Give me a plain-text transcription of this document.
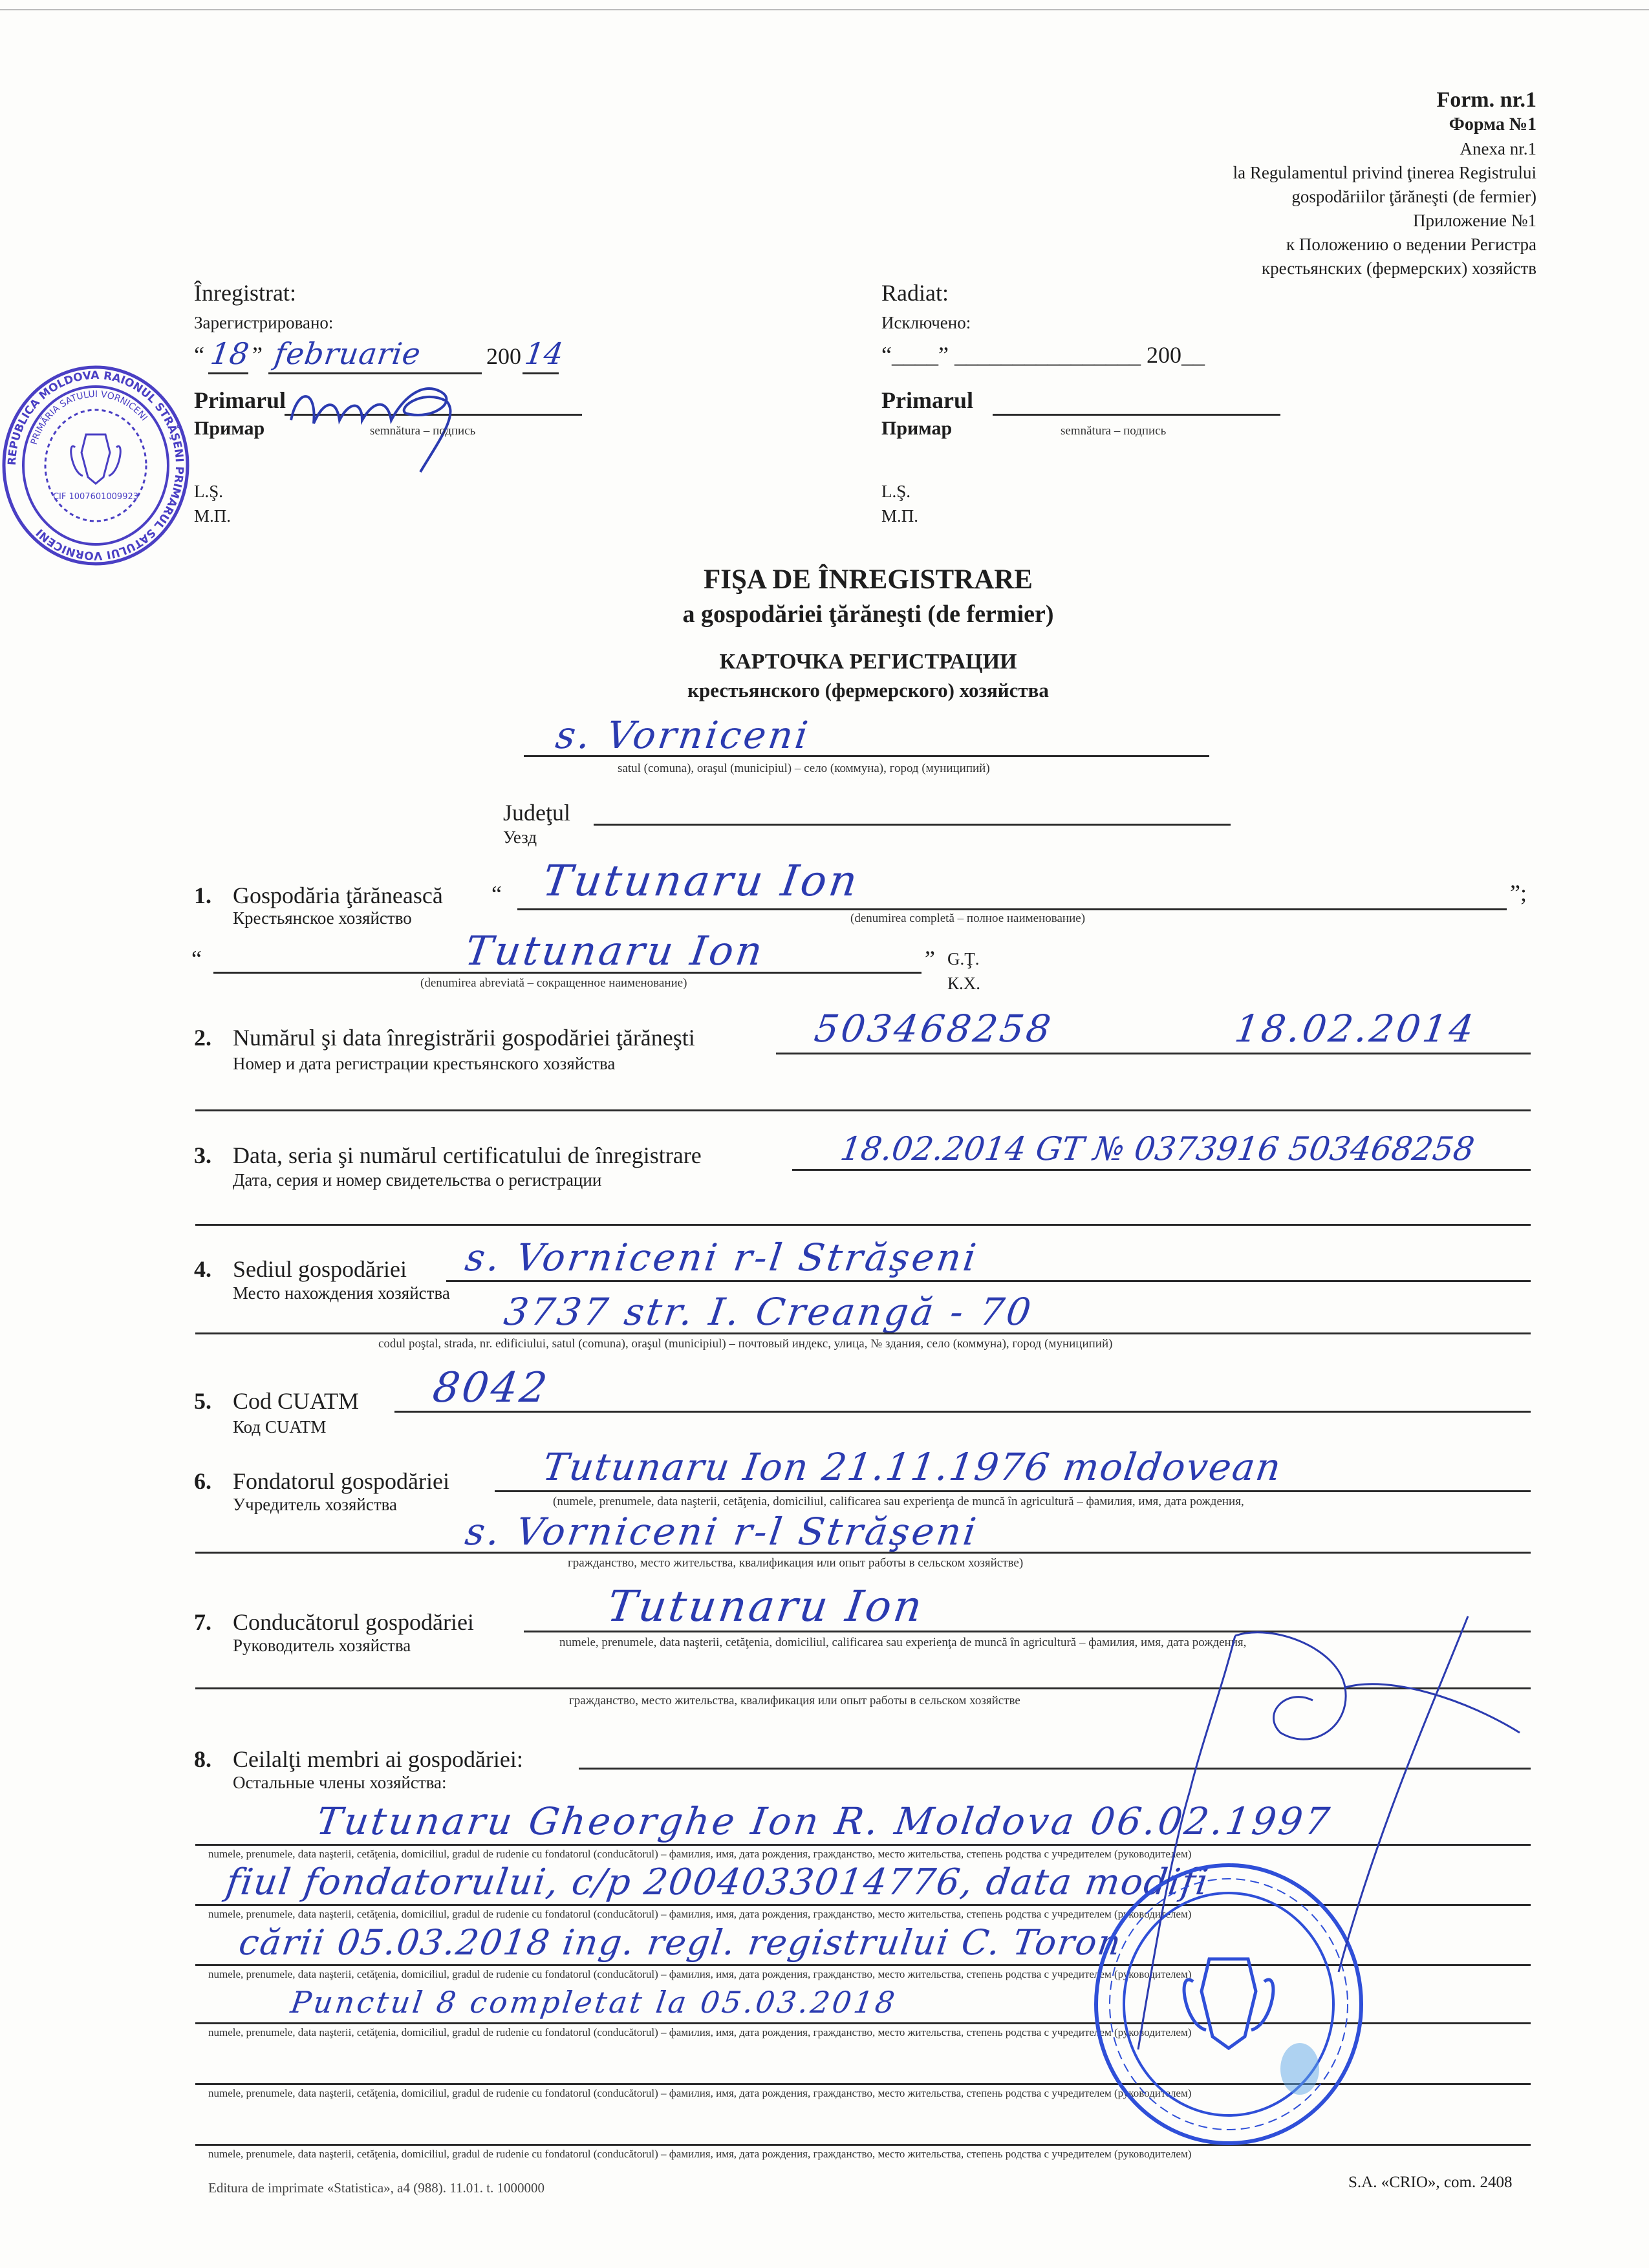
Form. nr.1
Форма №1
Anexa nr.1
la Regulamentul privind ţinerea Registrului
gospodăriilor ţărăneşti (de fermier)
Приложение №1
к Положению о ведении Регистра
крестьянских (фермерских) хозяйств
Înregistrat:
Зарегистрировано:
“ 18 ” februarie	200 14
Primarul
Примар	semnătura – подпись
L.Ş.
М.П.
Radiat:
Исключено:
“____” ________________ 200__
Primarul
Примар	semnătura – подпись
L.Ş.
М.П.
REPUBLICA MOLDOVA RAIONUL STRĂŞENI PRIMARUL SATULUI VORNICENI
PRIMĂRIA SATULUI VORNICENI
CIF 1007601009923
FIŞA DE ÎNREGISTRARE
a gospodăriei ţărăneşti (de fermier)
КАРТОЧКА РЕГИСТРАЦИИ
крестьянского (фермерского) хозяйства
s. Vorniceni
satul (comuna), oraşul (municipiul) – село (коммуна), город (муниципий)
Judeţul
Уезд
1. Gospodăria ţărănească “
Крестьянское хозяйство
Tutunaru Ion	”;
(denumirea completă – полное наименование)
“	Tutunaru Ion	” G.Ţ.
К.Х.
(denumirea abreviată – сокращенное наименование)
2. Numărul şi data înregistrării gospodăriei ţărăneşti
Номер и дата регистрации крестьянского хозяйства
503468258	18.02.2014
3. Data, seria şi numărul certificatului de înregistrare
Дата, серия и номер свидетельства о регистрации
18.02.2014 GT № 0373916 503468258
4. Sediul gospodăriei
Место нахождения хозяйства
s. Vorniceni r-l Străşeni
3737 str. I. Creangă - 70
codul poştal, strada, nr. edificiului, satul (comuna), oraşul (municipiul) – почтовый индекс, улица, № здания, село (коммуна), город (муниципий)
5. Cod CUATM
Код CUATM
8042
6. Fondatorul gospodăriei
Учредитель хозяйства
Tutunaru Ion 21.11.1976 moldovean
(numele, prenumele, data naşterii, cetăţenia, domiciliul, calificarea sau experienţa de muncă în agricultură – фамилия, имя, дата рождения,
s. Vorniceni r-l Străşeni
гражданство, место жительства, квалификация или опыт работы в сельском хозяйстве)
7. Conducătorul gospodăriei
Руководитель хозяйства
Tutunaru Ion
numele, prenumele, data naşterii, cetăţenia, domiciliul, calificarea sau experienţa de muncă în agricultură – фамилия, имя, дата рождения,
гражданство, место жительства, квалификация или опыт работы в сельском хозяйстве
8. Ceilalţi membri ai gospodăriei:
Остальные члены хозяйства:
Tutunaru Gheorghe Ion R. Moldova 06.02.1997
numele, prenumele, data naşterii, cetăţenia, domiciliul, gradul de rudenie cu fondatorul (conducătorul) – фамилия, имя, дата рождения, гражданство, место жительства, степень родства с учредителем (руководителем)
fiul fondatorului, c/p 2004033014776, data modifi
numele, prenumele, data naşterii, cetăţenia, domiciliul, gradul de rudenie cu fondatorul (conducătorul) – фамилия, имя, дата рождения, гражданство, место жительства, степень родства с учредителем (руководителем)
cării 05.03.2018 ing. regl. registrului C. Toron
numele, prenumele, data naşterii, cetăţenia, domiciliul, gradul de rudenie cu fondatorul (conducătorul) – фамилия, имя, дата рождения, гражданство, место жительства, степень родства с учредителем (руководителем)
Punctul 8 completat la 05.03.2018
numele, prenumele, data naşterii, cetăţenia, domiciliul, gradul de rudenie cu fondatorul (conducătorul) – фамилия, имя, дата рождения, гражданство, место жительства, степень родства с учредителем (руководителем)
numele, prenumele, data naşterii, cetăţenia, domiciliul, gradul de rudenie cu fondatorul (conducătorul) – фамилия, имя, дата рождения, гражданство, место жительства, степень родства с учредителем (руководителем)
numele, prenumele, data naşterii, cetăţenia, domiciliul, gradul de rudenie cu fondatorul (conducătorul) – фамилия, имя, дата рождения, гражданство, место жительства, степень родства с учредителем (руководителем)
Editura de imprimate «Statistica», a4 (988). 11.01. t. 1000000	S.A. «CRIO», com. 2408
